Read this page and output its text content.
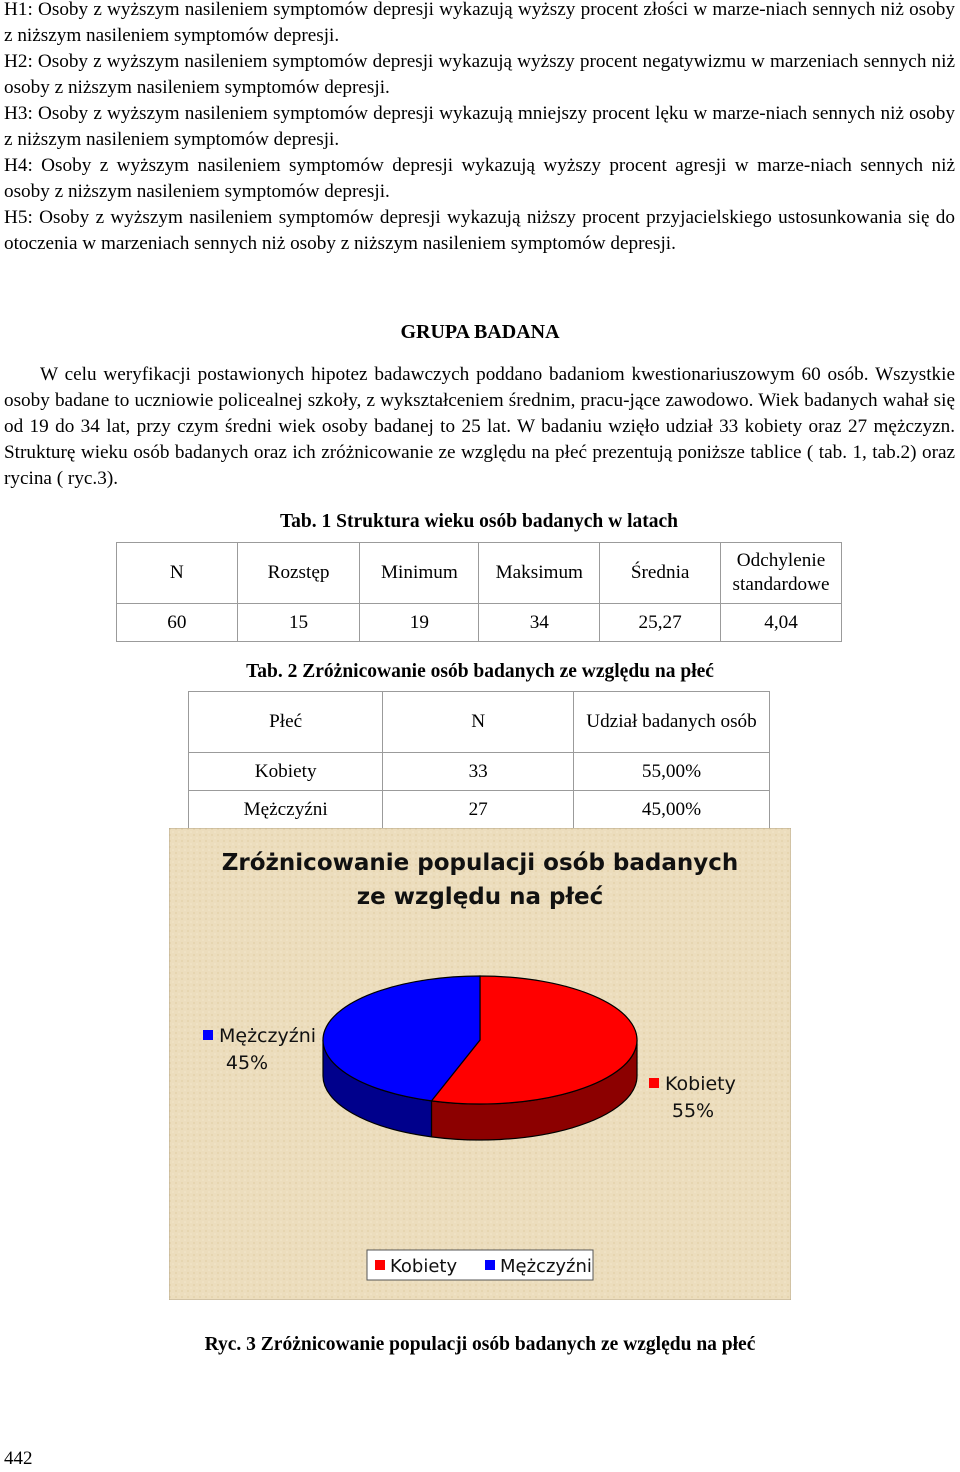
H1: Osoby z wyższym nasileniem symptomów depresji wykazują wyższy procent złości w marze-niach sennych niż osoby z niższym nasileniem symptomów depresji.
H2: Osoby z wyższym nasileniem symptomów depresji wykazują wyższy procent negatywizmu w marzeniach sennych niż osoby z niższym nasileniem symptomów depresji.
H3: Osoby z wyższym nasileniem symptomów depresji wykazują mniejszy procent lęku w marze-niach sennych niż osoby z niższym nasileniem symptomów depresji.
H4: Osoby z wyższym nasileniem symptomów depresji wykazują wyższy procent agresji w marze-niach sennych niż osoby z niższym nasileniem symptomów depresji.
H5: Osoby z wyższym nasileniem symptomów depresji wykazują niższy procent przyjacielskiego ustosunkowania się do otoczenia w marzeniach sennych niż osoby z niższym nasileniem symptomów depresji.

GRUPA BADANA

W celu weryfikacji postawionych hipotez badawczych poddano badaniom kwestionariuszowym 60 osób. Wszystkie osoby badane to uczniowie policealnej szkoły, z wykształceniem średnim, pracu-jące zawodowo. Wiek badanych wahał się od 19 do 34 lat, przy czym średni wiek osoby badanej to 25 lat. W badaniu wzięło udział 33 kobiety oraz 27 mężczyzn. Strukturę wieku osób badanych oraz ich zróżnicowanie ze względu na płeć prezentują poniższe tablice ( tab. 1, tab.2) oraz rycina ( ryc.3).

Tab. 1 Struktura wieku osób badanych w latach
N	Rozstęp	Minimum	Maksimum	Średnia	Odchylenie standardowe
60	15	19	34	25,27	4,04
Tab. 2 Zróżnicowanie osób badanych ze względu na płeć
Płeć	N	Udział badanych osób
Kobiety	33	55,00%
Mężczyźni	27	45,00%
Zróżnicowanie populacji osób badanych
ze względu na płeć
Kobiety
55%
Mężczyźni
45%
Kobiety Mężczyźni
Ryc. 3 Zróżnicowanie populacji osób badanych ze względu na płeć
442
